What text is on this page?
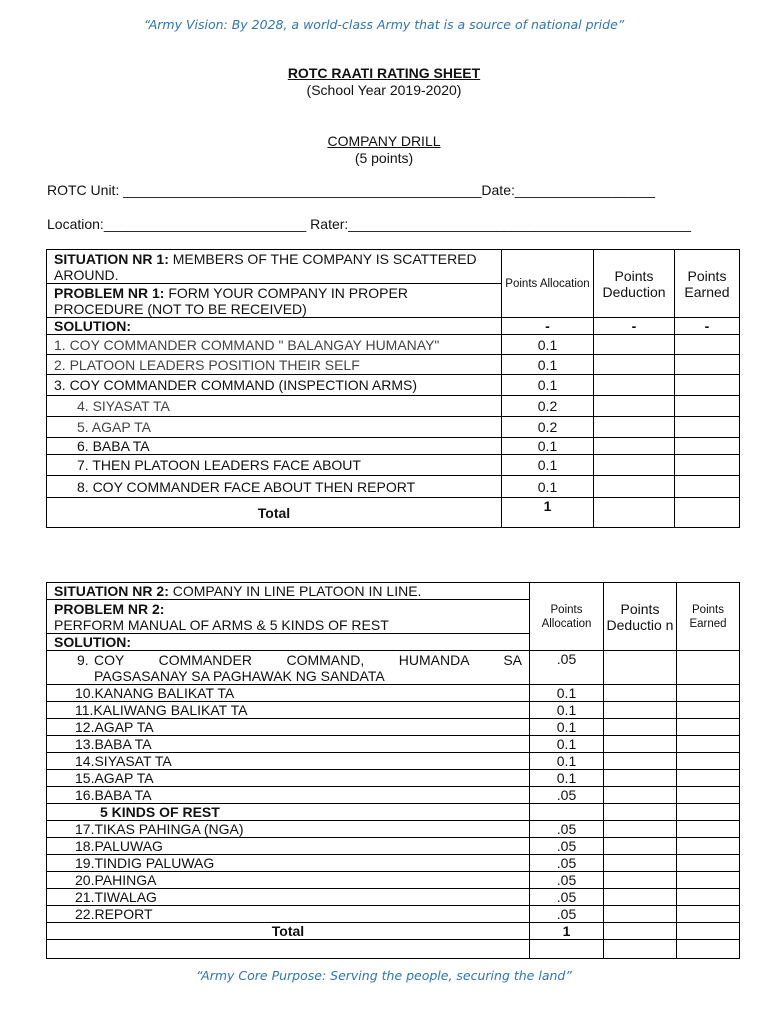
“Army Vision: By 2028, a world-class Army that is a source of national pride”
ROTC RAATI RATING SHEET
(School Year 2019-2020)
COMPANY DRILL
(5 points)
ROTC Unit: ______________________________________________Date:__________________
Location:__________________________ Rater:____________________________________________
SITUATION NR 1: MEMBERS OF THE COMPANY IS SCATTERED AROUND.	Points Allocation	Points Deduction	Points Earned
PROBLEM NR 1: FORM YOUR COMPANY IN PROPER PROCEDURE (NOT TO BE RECEIVED)			
SOLUTION:	-	-	-
1. COY COMMANDER COMMAND " BALANGAY HUMANAY"	0.1		
2. PLATOON LEADERS POSITION THEIR SELF	0.1		
3. COY COMMANDER COMMAND (INSPECTION ARMS)	0.1		
4. SIYASAT TA	0.2		
5. AGAP TA	0.2		
6. BABA TA	0.1		
7. THEN PLATOON LEADERS FACE ABOUT	0.1		
8. COY COMMANDER FACE ABOUT THEN REPORT	0.1		
Total	1		
SITUATION NR 2: COMPANY IN LINE PLATOON IN LINE.	Points Allocation	Points Deductio n	Points Earned

PROBLEM NR 2:
PERFORM MANUAL OF ARMS & 5 KINDS OF REST			

SOLUTION:			

9. COY COMMANDER COMMAND, HUMANDA SA
PAGSASANAY SA PAGHAWAK NG SANDATA	.05		
10.KANANG BALIKAT TA	0.1		
11.KALIWANG BALIKAT TA	0.1		
12.AGAP TA	0.1		
13.BABA TA	0.1		
14.SIYASAT TA	0.1		
15.AGAP TA	0.1		
16.BABA TA	.05		
5 KINDS OF REST			
17.TIKAS PAHINGA (NGA)	.05		
18.PALUWAG	.05		
19.TINDIG PALUWAG	.05		
20.PAHINGA	.05		
21.TIWALAG	.05		
22.REPORT	.05		
Total	1		

“Army Core Purpose: Serving the people, securing the land”
